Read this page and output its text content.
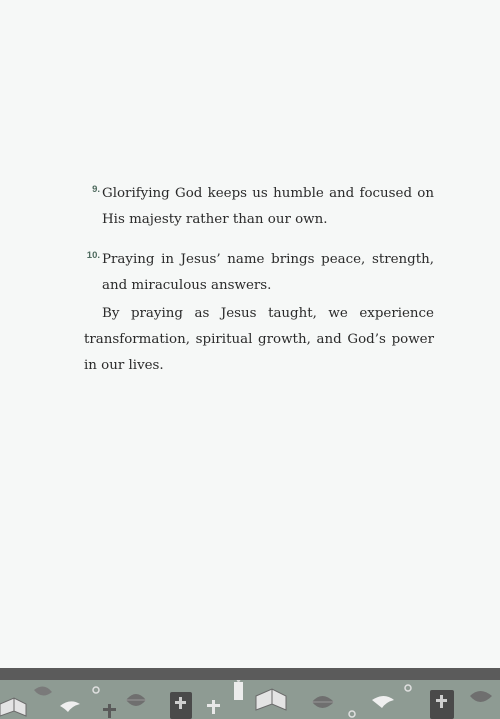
9. Glorifying God keeps us humble and focused on His majesty rather than our own.
10. Praying in Jesus’ name brings peace, strength, and miraculous answers.

By praying as Jesus taught, we experience transformation, spiritual growth, and God’s power in our lives.
